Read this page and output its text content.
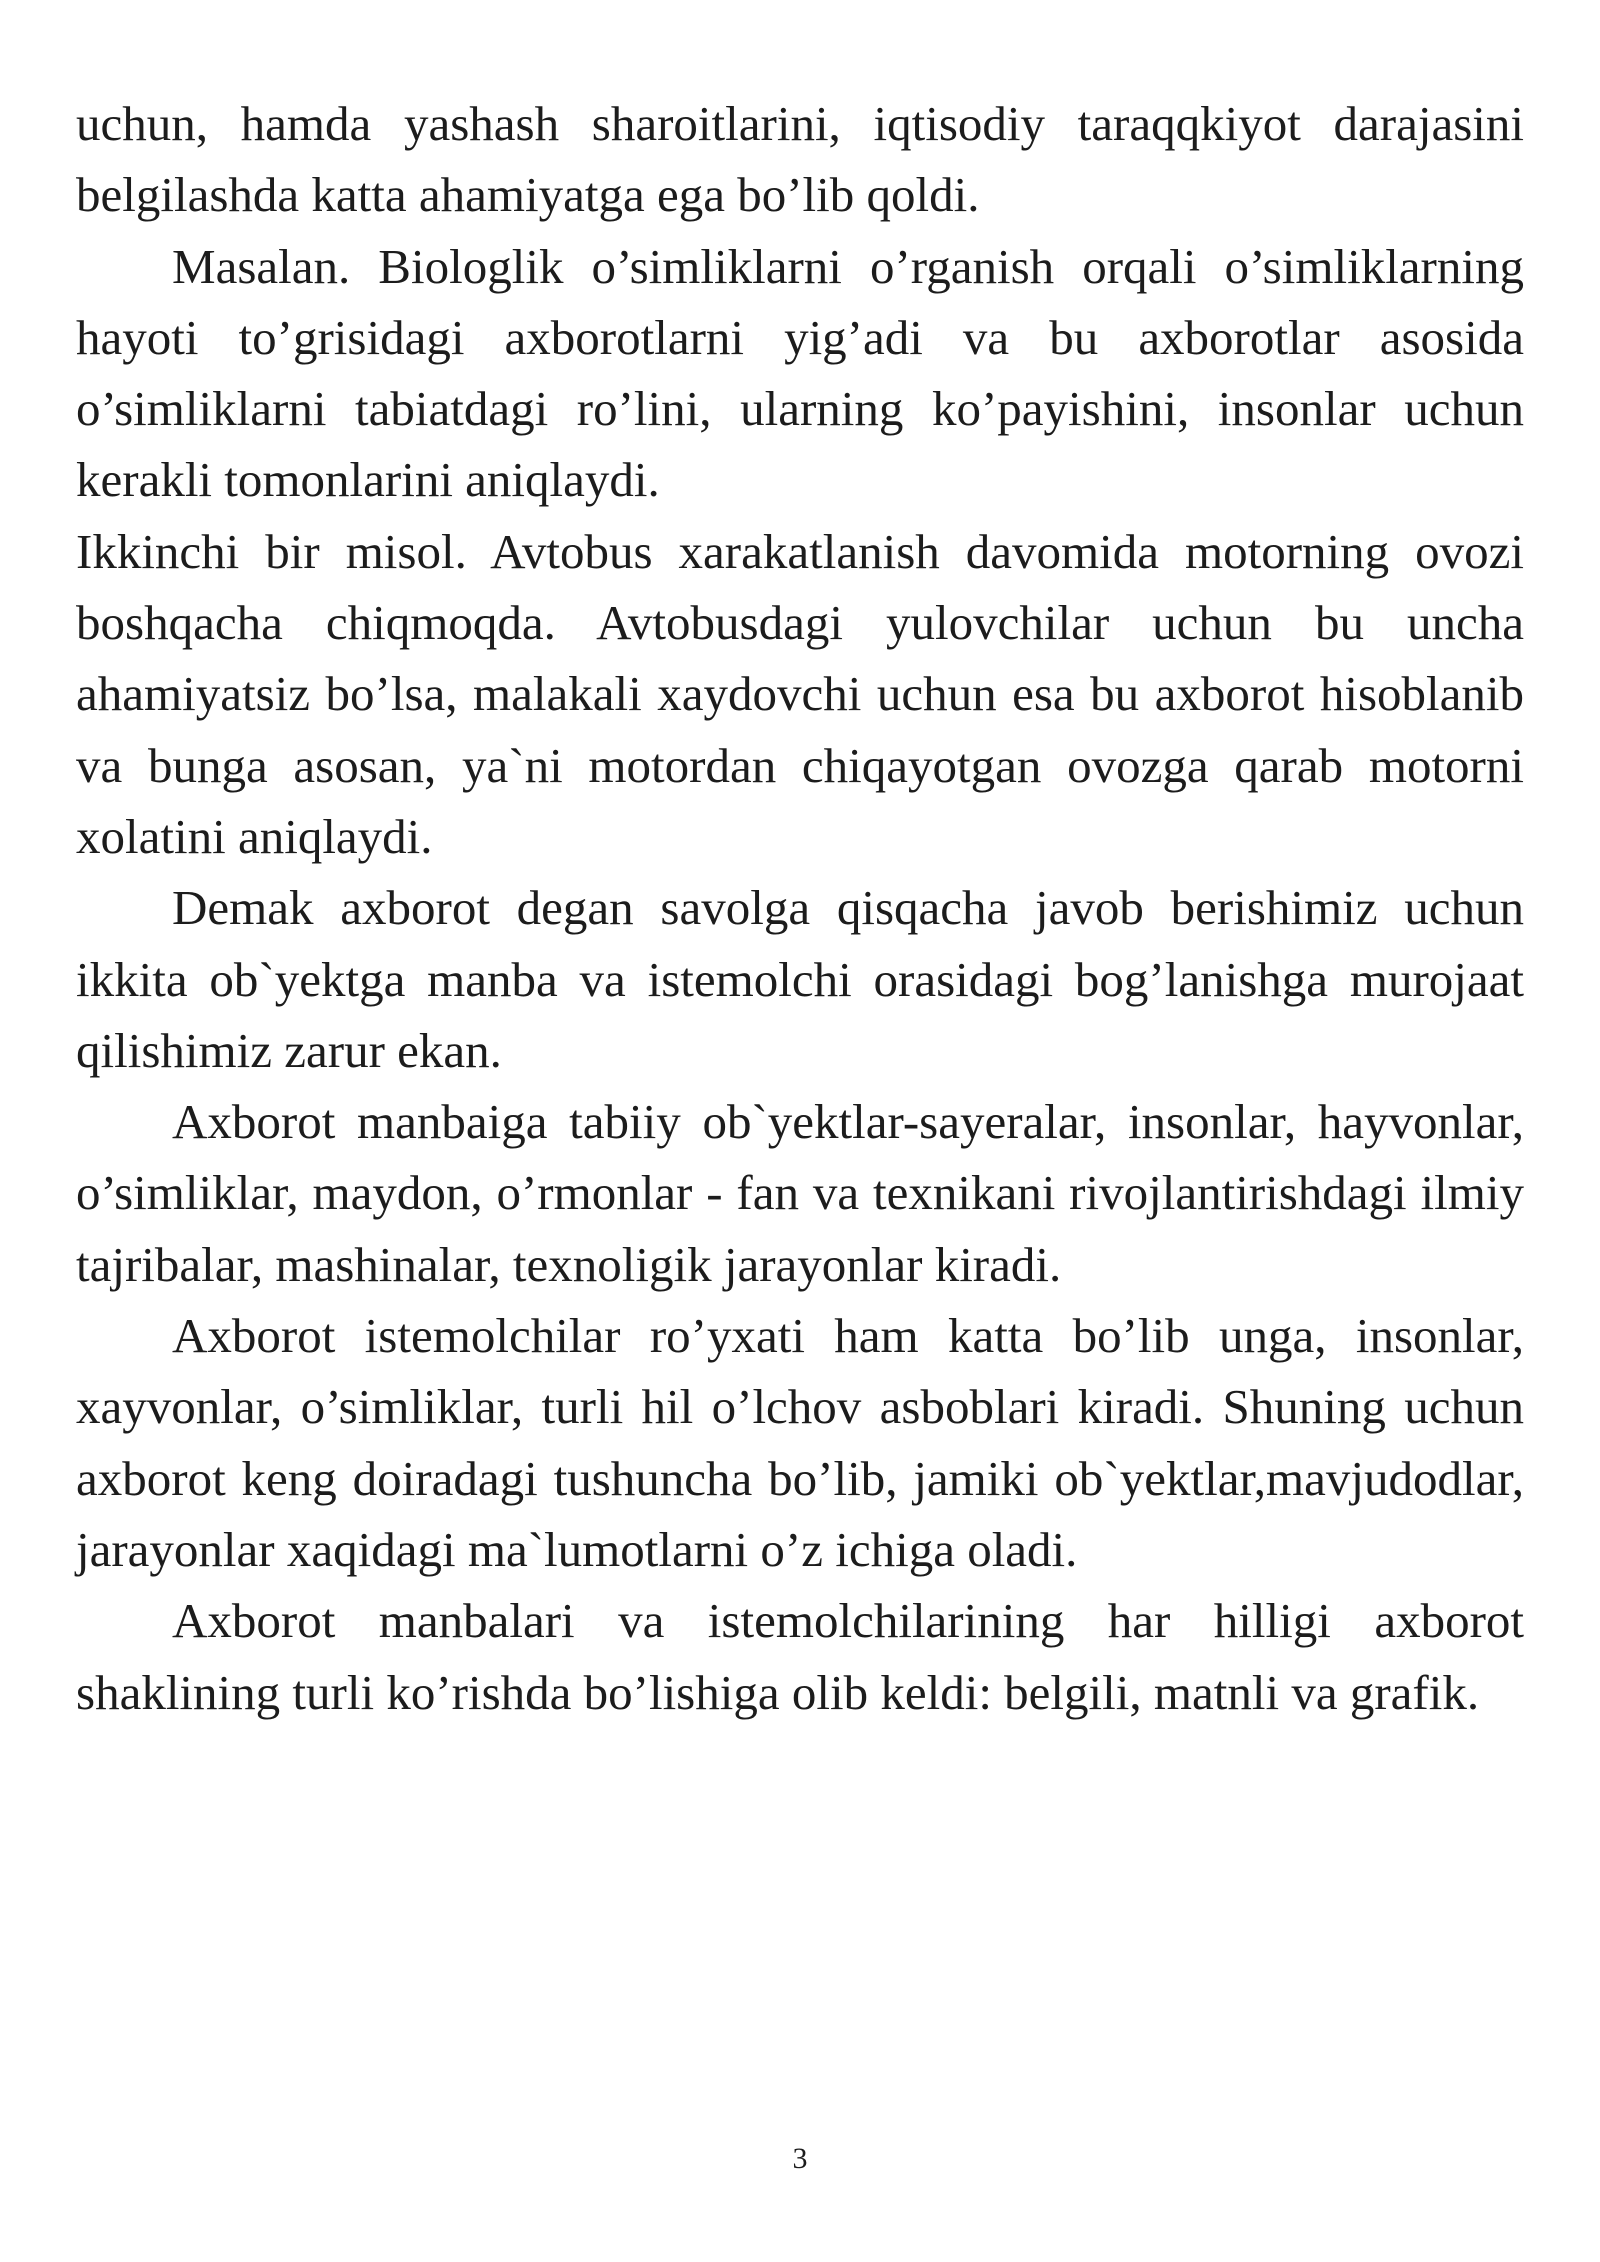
uchun, hamda yashash sharoitlarini, iqtisodiy taraqqkiyot darajasini belgilashda katta ahamiyatga ega bo’lib qoldi.

Masalan. Biologlik o’simliklarni o’rganish orqali o’simliklarning hayoti to’grisidagi axborotlarni yig’adi va bu axborotlar asosida o’simliklarni tabiatdagi ro’lini, ularning ko’payishini, insonlar uchun kerakli tomonlarini aniqlaydi.

Ikkinchi bir misol. Avtobus xarakatlanish davomida motorning ovozi boshqacha chiqmoqda. Avtobusdagi yulovchilar uchun bu uncha ahamiyatsiz bo’lsa, malakali xaydovchi uchun esa bu axborot hisoblanib va bunga asosan, ya`ni motordan chiqayotgan ovozga qarab motorni xolatini aniqlaydi.

Demak axborot degan savolga qisqacha javob berishimiz uchun ikkita ob`yektga manba va istemolchi orasidagi bog’lanishga murojaat qilishimiz zarur ekan.

Axborot manbaiga tabiiy ob`yektlar-sayeralar, insonlar, hayvonlar, o’simliklar, maydon, o’rmonlar - fan va texnikani rivojlantirishdagi ilmiy tajribalar, mashinalar, texnoligik jarayonlar kiradi.

Axborot istemolchilar ro’yxati ham katta bo’lib unga, insonlar, xayvonlar, o’simliklar, turli hil o’lchov asboblari kiradi. Shuning uchun axborot keng doiradagi tushuncha bo’lib, jamiki ob`yektlar,mavjudodlar, jarayonlar xaqidagi ma`lumotlarni o’z ichiga oladi.

Axborot manbalari va istemolchilarining har hilligi axborot shaklining turli ko’rishda bo’lishiga olib keldi: belgili, matnli va grafik.

3
